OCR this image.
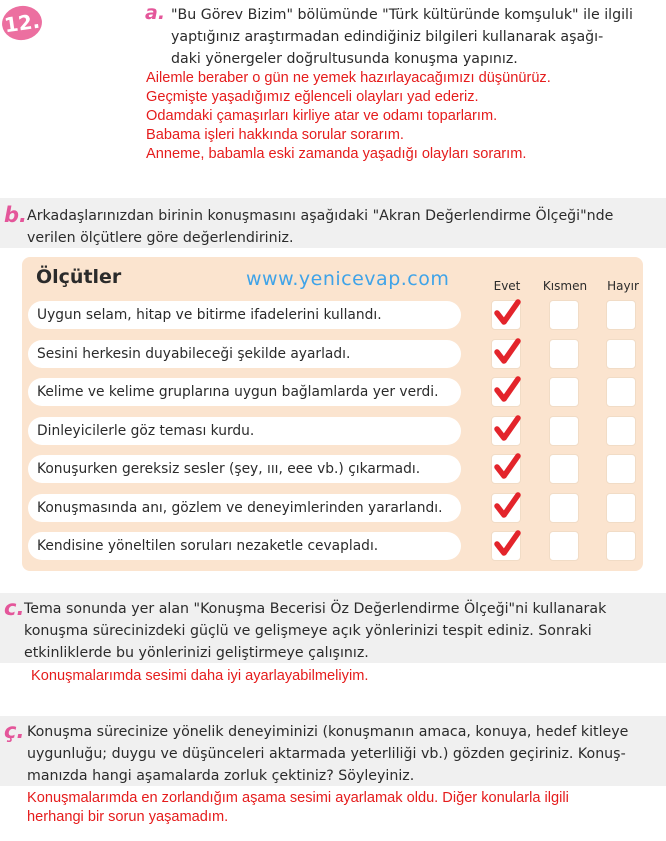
12. ETKİNLİK a. "Bu Görev Bizim" bölümünde "Türk kültüründe komşuluk" ile ilgili
yaptığınız araştırmadan edindiğiniz bilgileri kullanarak aşağı-
daki yönergeler doğrultusunda konuşma yapınız.
Ailemle beraber o gün ne yemek hazırlayacağımızı düşünürüz.
Geçmişte yaşadığımız eğlenceli olayları yad ederiz.
Odamdaki çamaşırları kirliye atar ve odamı toparlarım.
Babama işleri hakkında sorular sorarım.
Anneme, babamla eski zamanda yaşadığı olayları sorarım.
b. Arkadaşlarınızdan birinin konuşmasını aşağıdaki "Akran Değerlendirme Ölçeği"nde
verilen ölçütlere göre değerlendiriniz.
Ölçütler	www.yenicevap.com	Evet	Kısmen	Hayır
Uygun selam, hitap ve bitirme ifadelerini kullandı.
Sesini herkesin duyabileceği şekilde ayarladı.
Kelime ve kelime gruplarına uygun bağlamlarda yer verdi.
Dinleyicilerle göz teması kurdu.
Konuşurken gereksiz sesler (şey, ııı, eee vb.) çıkarmadı.
Konuşmasında anı, gözlem ve deneyimlerinden yararlandı.
Kendisine yöneltilen soruları nezaketle cevapladı.
c. Tema sonunda yer alan "Konuşma Becerisi Öz Değerlendirme Ölçeği"ni kullanarak
konuşma sürecinizdeki güçlü ve gelişmeye açık yönlerinizi tespit ediniz. Sonraki
etkinliklerde bu yönlerinizi geliştirmeye çalışınız.
Konuşmalarımda sesimi daha iyi ayarlayabilmeliyim.
ç. Konuşma sürecinize yönelik deneyiminizi (konuşmanın amaca, konuya, hedef kitleye
uygunluğu; duygu ve düşünceleri aktarmada yeterliliği vb.) gözden geçiriniz. Konuş-
manızda hangi aşamalarda zorluk çektiniz? Söyleyiniz.
Konuşmalarımda en zorlandığım aşama sesimi ayarlamak oldu. Diğer konularla ilgili
herhangi bir sorun yaşamadım.
